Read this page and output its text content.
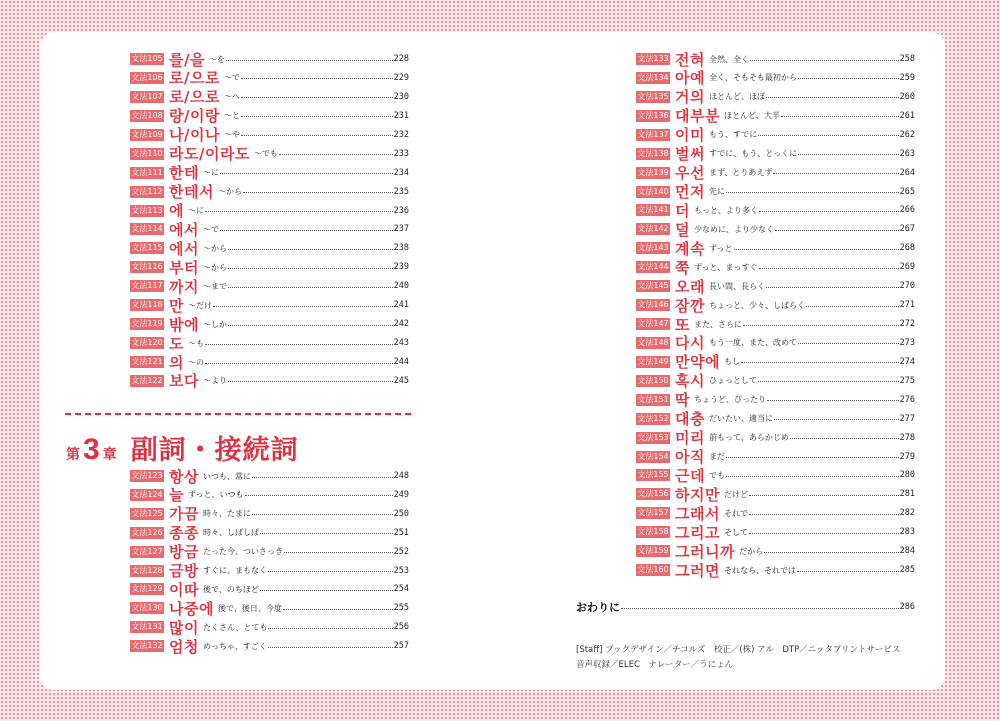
文法105 를/을 ～を	228
文法106 로/으로 ～で	229
文法107 로/으로 ～へ	230
文法108 랑/이랑 ～と	231
文法109 나/이나 ～や	232
文法110 라도/이라도 ～でも	233
文法111 한테 ～に	234
文法112 한테서 ～から	235
文法113 에 ～に	236
文法114 에서 ～で	237
文法115 에서 ～から	238
文法116 부터 ～から	239
文法117 까지 ～まで	240
文法118 만 ～だけ	241
文法119 밖에 ～しか	242
文法120 도 ～も	243
文法121 의 ～の	244
文法122 보다 ～より	245
第 3 章 副詞・接続詞
文法123 항상 いつも、常に	248
文法124 늘 ずっと、いつも	249
文法125 가끔 時々、たまに	250
文法126 종종 時々、しばしば	251
文法127 방금 たった今、ついさっき	252
文法128 금방 すぐに、まもなく	253
文法129 이따 後で、のちほど	254
文法130 나중에 後で、後日、今度	255
文法131 많이 たくさん、とても	256
文法132 엄청 めっちゃ、すごく	257
文法133 전혀 全然、全く	258
文法134 아예 全く、そもそも最初から	259
文法135 거의 ほとんど、ほぼ	260
文法136 대부분 ほとんど、大半	261
文法137 이미 もう、すでに	262
文法138 벌써 すでに、もう、とっくに	263
文法139 우선 まず、とりあえず	264
文法140 먼저 先に	265
文法141 더 もっと、より多く	266
文法142 덜 少なめに、より少なく	267
文法143 계속 ずっと	268
文法144 쭉 ずっと、まっすぐ	269
文法145 오래 長い間、長らく	270
文法146 잠깐 ちょっと、少々、しばらく	271
文法147 또 また、さらに	272
文法148 다시 もう一度、また、改めて	273
文法149 만약에 もし	274
文法150 혹시 ひょっとして	275
文法151 딱 ちょうど、ぴったり	276
文法152 대충 だいたい、適当に	277
文法153 미리 前もって、あらかじめ	278
文法154 아직 まだ	279
文法155 근데 でも	280
文法156 하지만 だけど	281
文法157 그래서 それで	282
文法158 그리고 そして	283
文法159 그러니까 だから	284
文法160 그러면 それなら、それでは	285
おわりに	286
[Staff] ブックデザイン／チコルズ　校正／(株) アル　DTP／ニッタプリントサービス
音声収録／ELEC　ナレーター／うにょん
